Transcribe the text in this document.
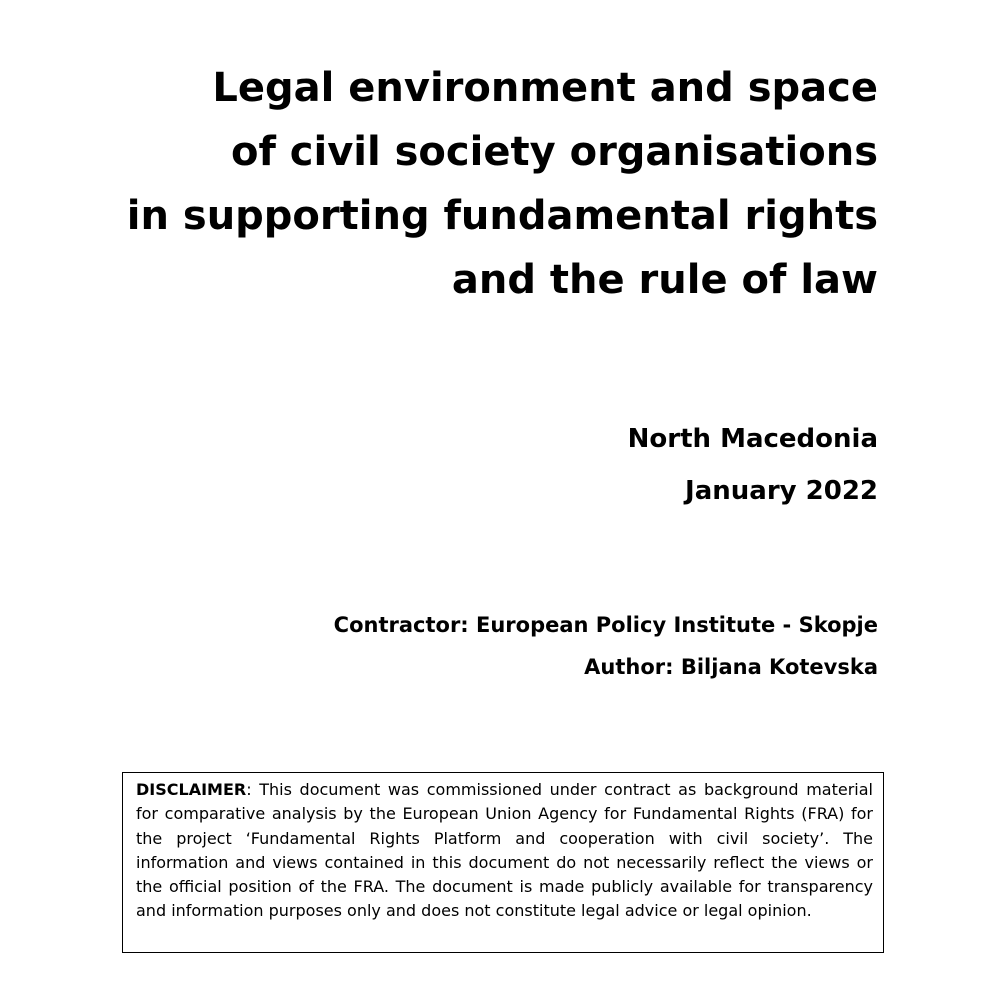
Legal environment and space
of civil society organisations
in supporting fundamental rights
and the rule of law
North Macedonia
January 2022
Contractor: European Policy Institute - Skopje
Author: Biljana Kotevska
DISCLAIMER: This document was commissioned under contract as background material for comparative analysis by the European Union Agency for Fundamental Rights (FRA) for the project ‘Fundamental Rights Platform and cooperation with civil society’. The information and views contained in this document do not necessarily reflect the views or the official position of the FRA. The document is made publicly available for transparency and information purposes only and does not constitute legal advice or legal opinion.
